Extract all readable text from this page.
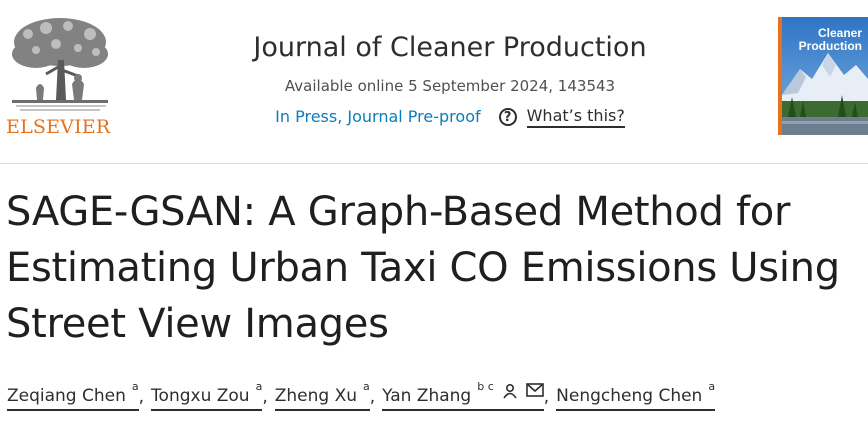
ELSEVIER
Journal of Cleaner Production
Available online 5 September 2024, 143543
In Press, Journal Pre-proof	? What’s this?
Cleaner
Production
SAGE-GSAN: A Graph-Based Method for Estimating Urban Taxi CO Emissions Using Street View Images
Zeqiang Chen $^a$
, Tongxu Zou $^a$
, Zheng Xu $^a$
, Yan Zhang $^{b c}$
, Nengcheng Chen $^a$
